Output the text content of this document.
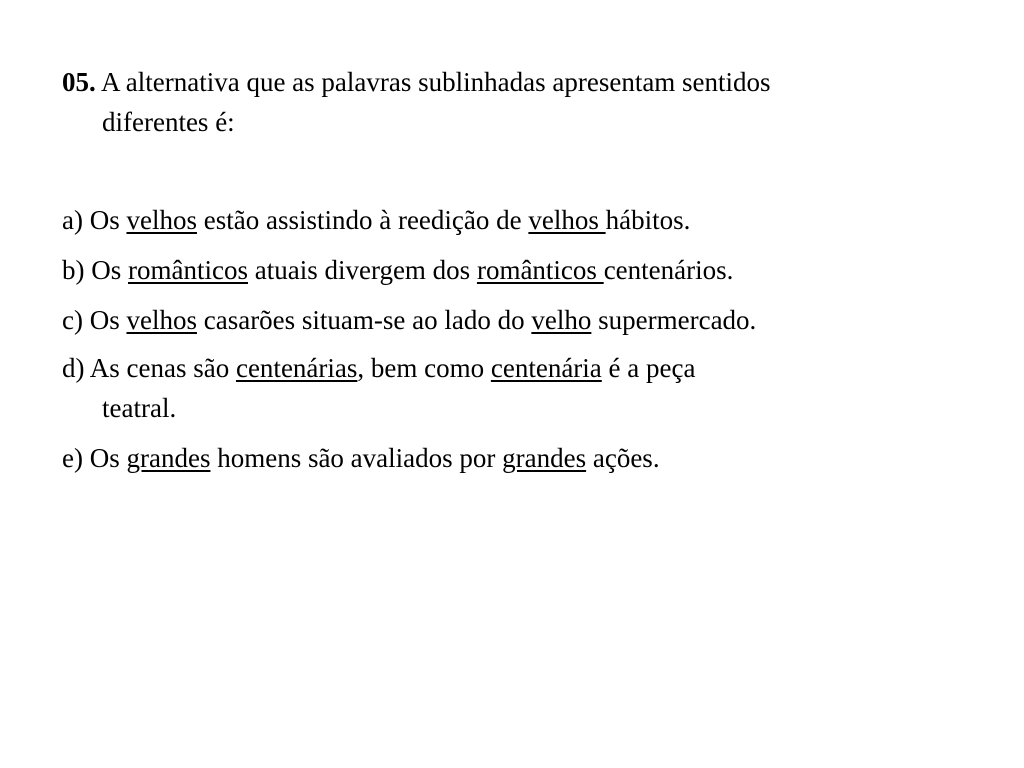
05. A alternativa que as palavras sublinhadas apresentam sentidos
diferentes é:
a) Os velhos estão assistindo à reedição de velhos hábitos.
b) Os românticos atuais divergem dos românticos centenários.
c) Os velhos casarões situam-se ao lado do velho supermercado.
d) As cenas são centenárias, bem como centenária é a peça
teatral.
e) Os grandes homens são avaliados por grandes ações.
